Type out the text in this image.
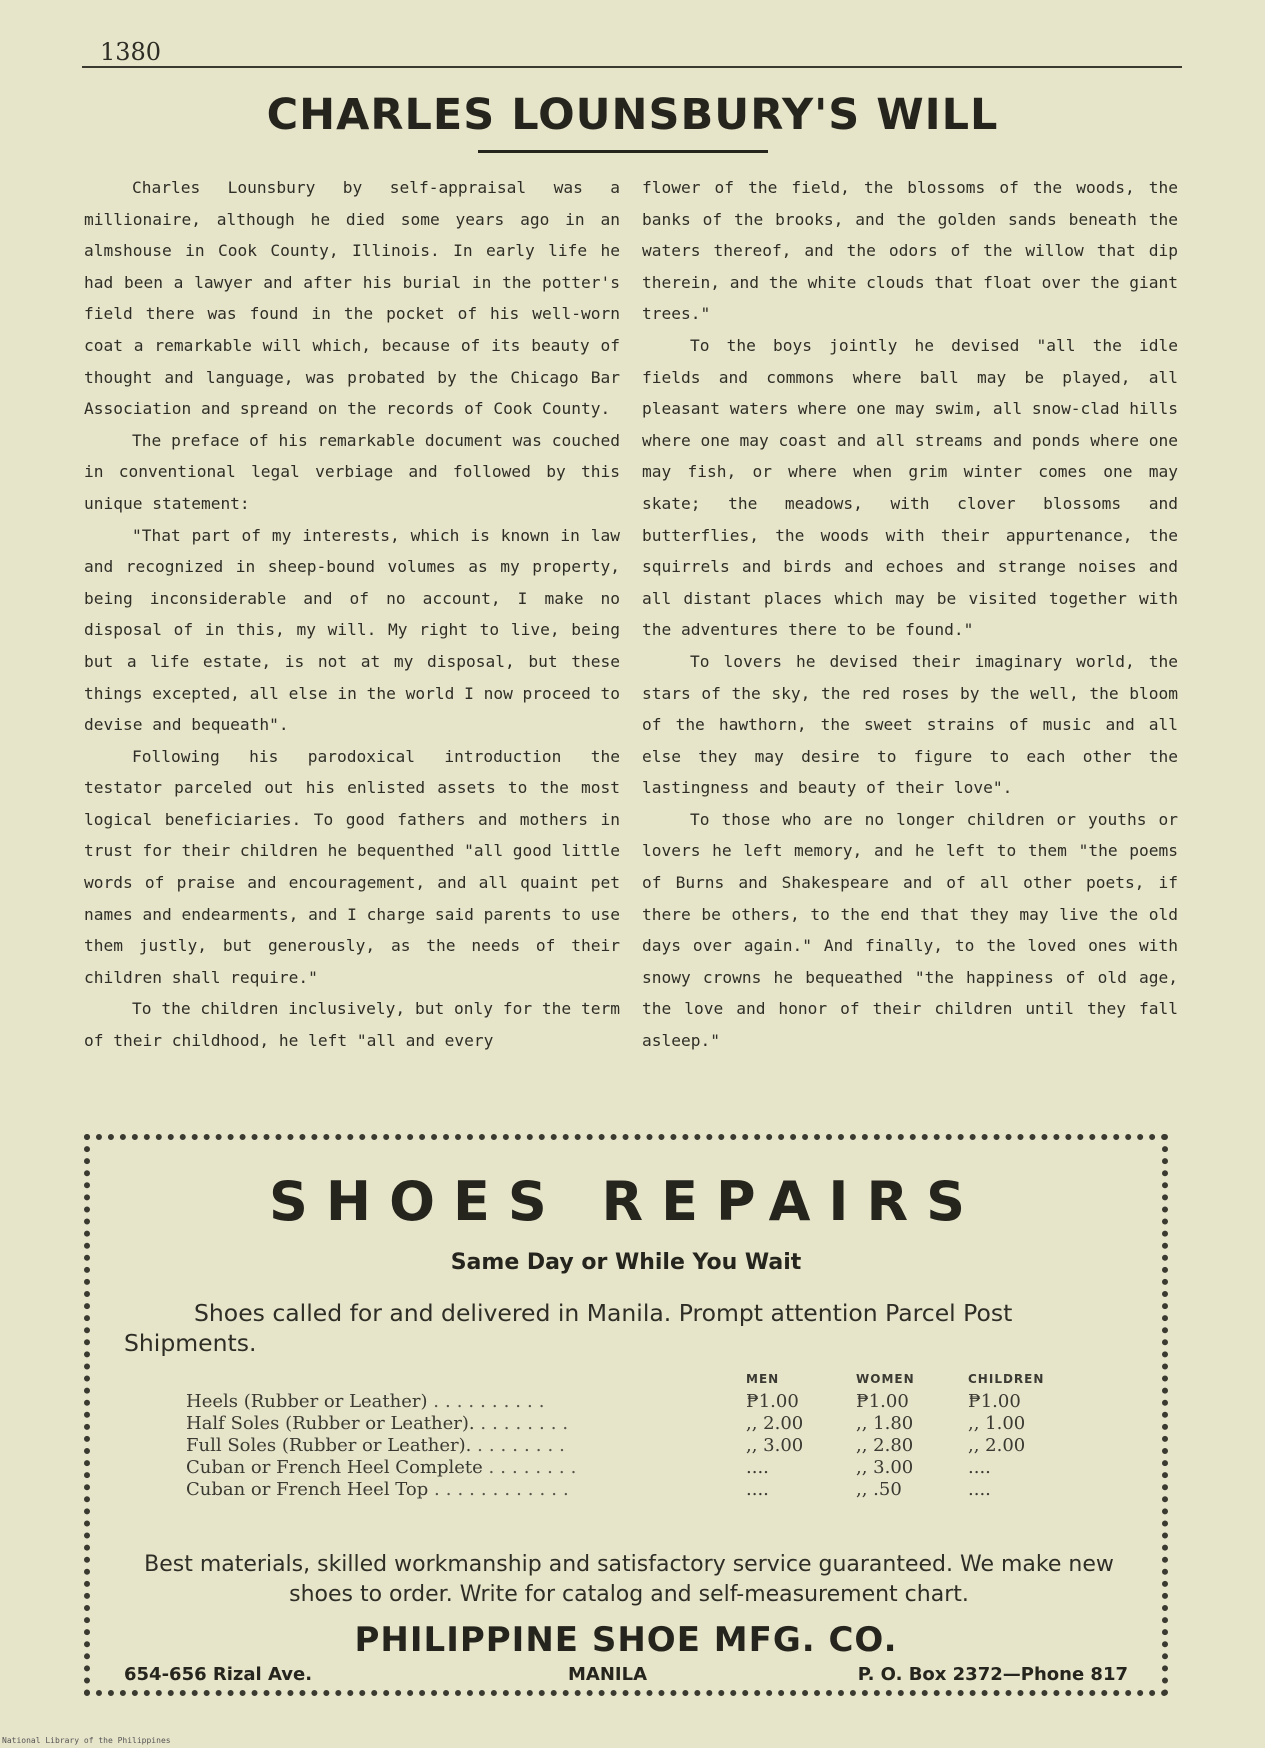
1380
CHARLES LOUNSBURY'S WILL

Charles Lounsbury by self-appraisal was a millionaire, although he died some years ago in an almshouse in Cook County, Illinois. In early life he had been a lawyer and after his burial in the potter's field there was found in the pocket of his well-worn coat a remarkable will which, because of its beauty of thought and language, was probated by the Chicago Bar Association and spreand on the records of Cook County.

The preface of his remarkable document was couched in conventional legal verbiage and followed by this unique statement:

"That part of my interests, which is known in law and recognized in sheep-bound volumes as my property, being inconsiderable and of no account, I make no disposal of in this, my will. My right to live, being but a life estate, is not at my disposal, but these things excepted, all else in the world I now proceed to devise and bequeath".

Following his parodoxical introduction the testator parceled out his enlisted assets to the most logical beneficiaries. To good fathers and mothers in trust for their children he bequenthed "all good little words of praise and encouragement, and all quaint pet names and endearments, and I charge said parents to use them justly, but generously, as the needs of their children shall require."

To the children inclusively, but only for the term of their childhood, he left "all and every

flower of the field, the blossoms of the woods, the banks of the brooks, and the golden sands beneath the waters thereof, and the odors of the willow that dip therein, and the white clouds that float over the giant trees."

To the boys jointly he devised "all the idle fields and commons where ball may be played, all pleasant waters where one may swim, all snow-clad hills where one may coast and all streams and ponds where one may fish, or where when grim winter comes one may skate; the meadows, with clover blossoms and butterflies, the woods with their appurtenance, the squirrels and birds and echoes and strange noises and all distant places which may be visited together with the adventures there to be found."

To lovers he devised their imaginary world, the stars of the sky, the red roses by the well, the bloom of the hawthorn, the sweet strains of music and all else they may desire to figure to each other the lastingness and beauty of their love".

To those who are no longer children or youths or lovers he left memory, and he left to them "the poems of Burns and Shakespeare and of all other poets, if there be others, to the end that they may live the old days over again." And finally, to the loved ones with snowy crowns he bequeathed "the happiness of old age, the love and honor of their children until they fall asleep."

SHOES REPAIRS
Same Day or While You Wait
Shoes called for and delivered in Manila. Prompt attention Parcel Post Shipments.
	MEN	WOMEN	CHILDREN
Heels (Rubber or Leather) ..........	₱1.00	₱1.00	₱1.00
Half Soles (Rubber or Leather). ........	,, 2.00	,, 1.80	,, 1.00
Full Soles (Rubber or Leather). ........	,, 3.00	,, 2.80	,, 2.00
Cuban or French Heel Complete ........	....	,, 3.00	....
Cuban or French Heel Top ............	....	,, .50	....
Best materials, skilled workmanship and satisfactory service guaranteed. We make new shoes to order. Write for catalog and self-measurement chart.
PHILIPPINE SHOE MFG. CO.
654-656 Rizal Ave.	MANILA	P. O. Box 2372—Phone 817
National Library of the Philippines
